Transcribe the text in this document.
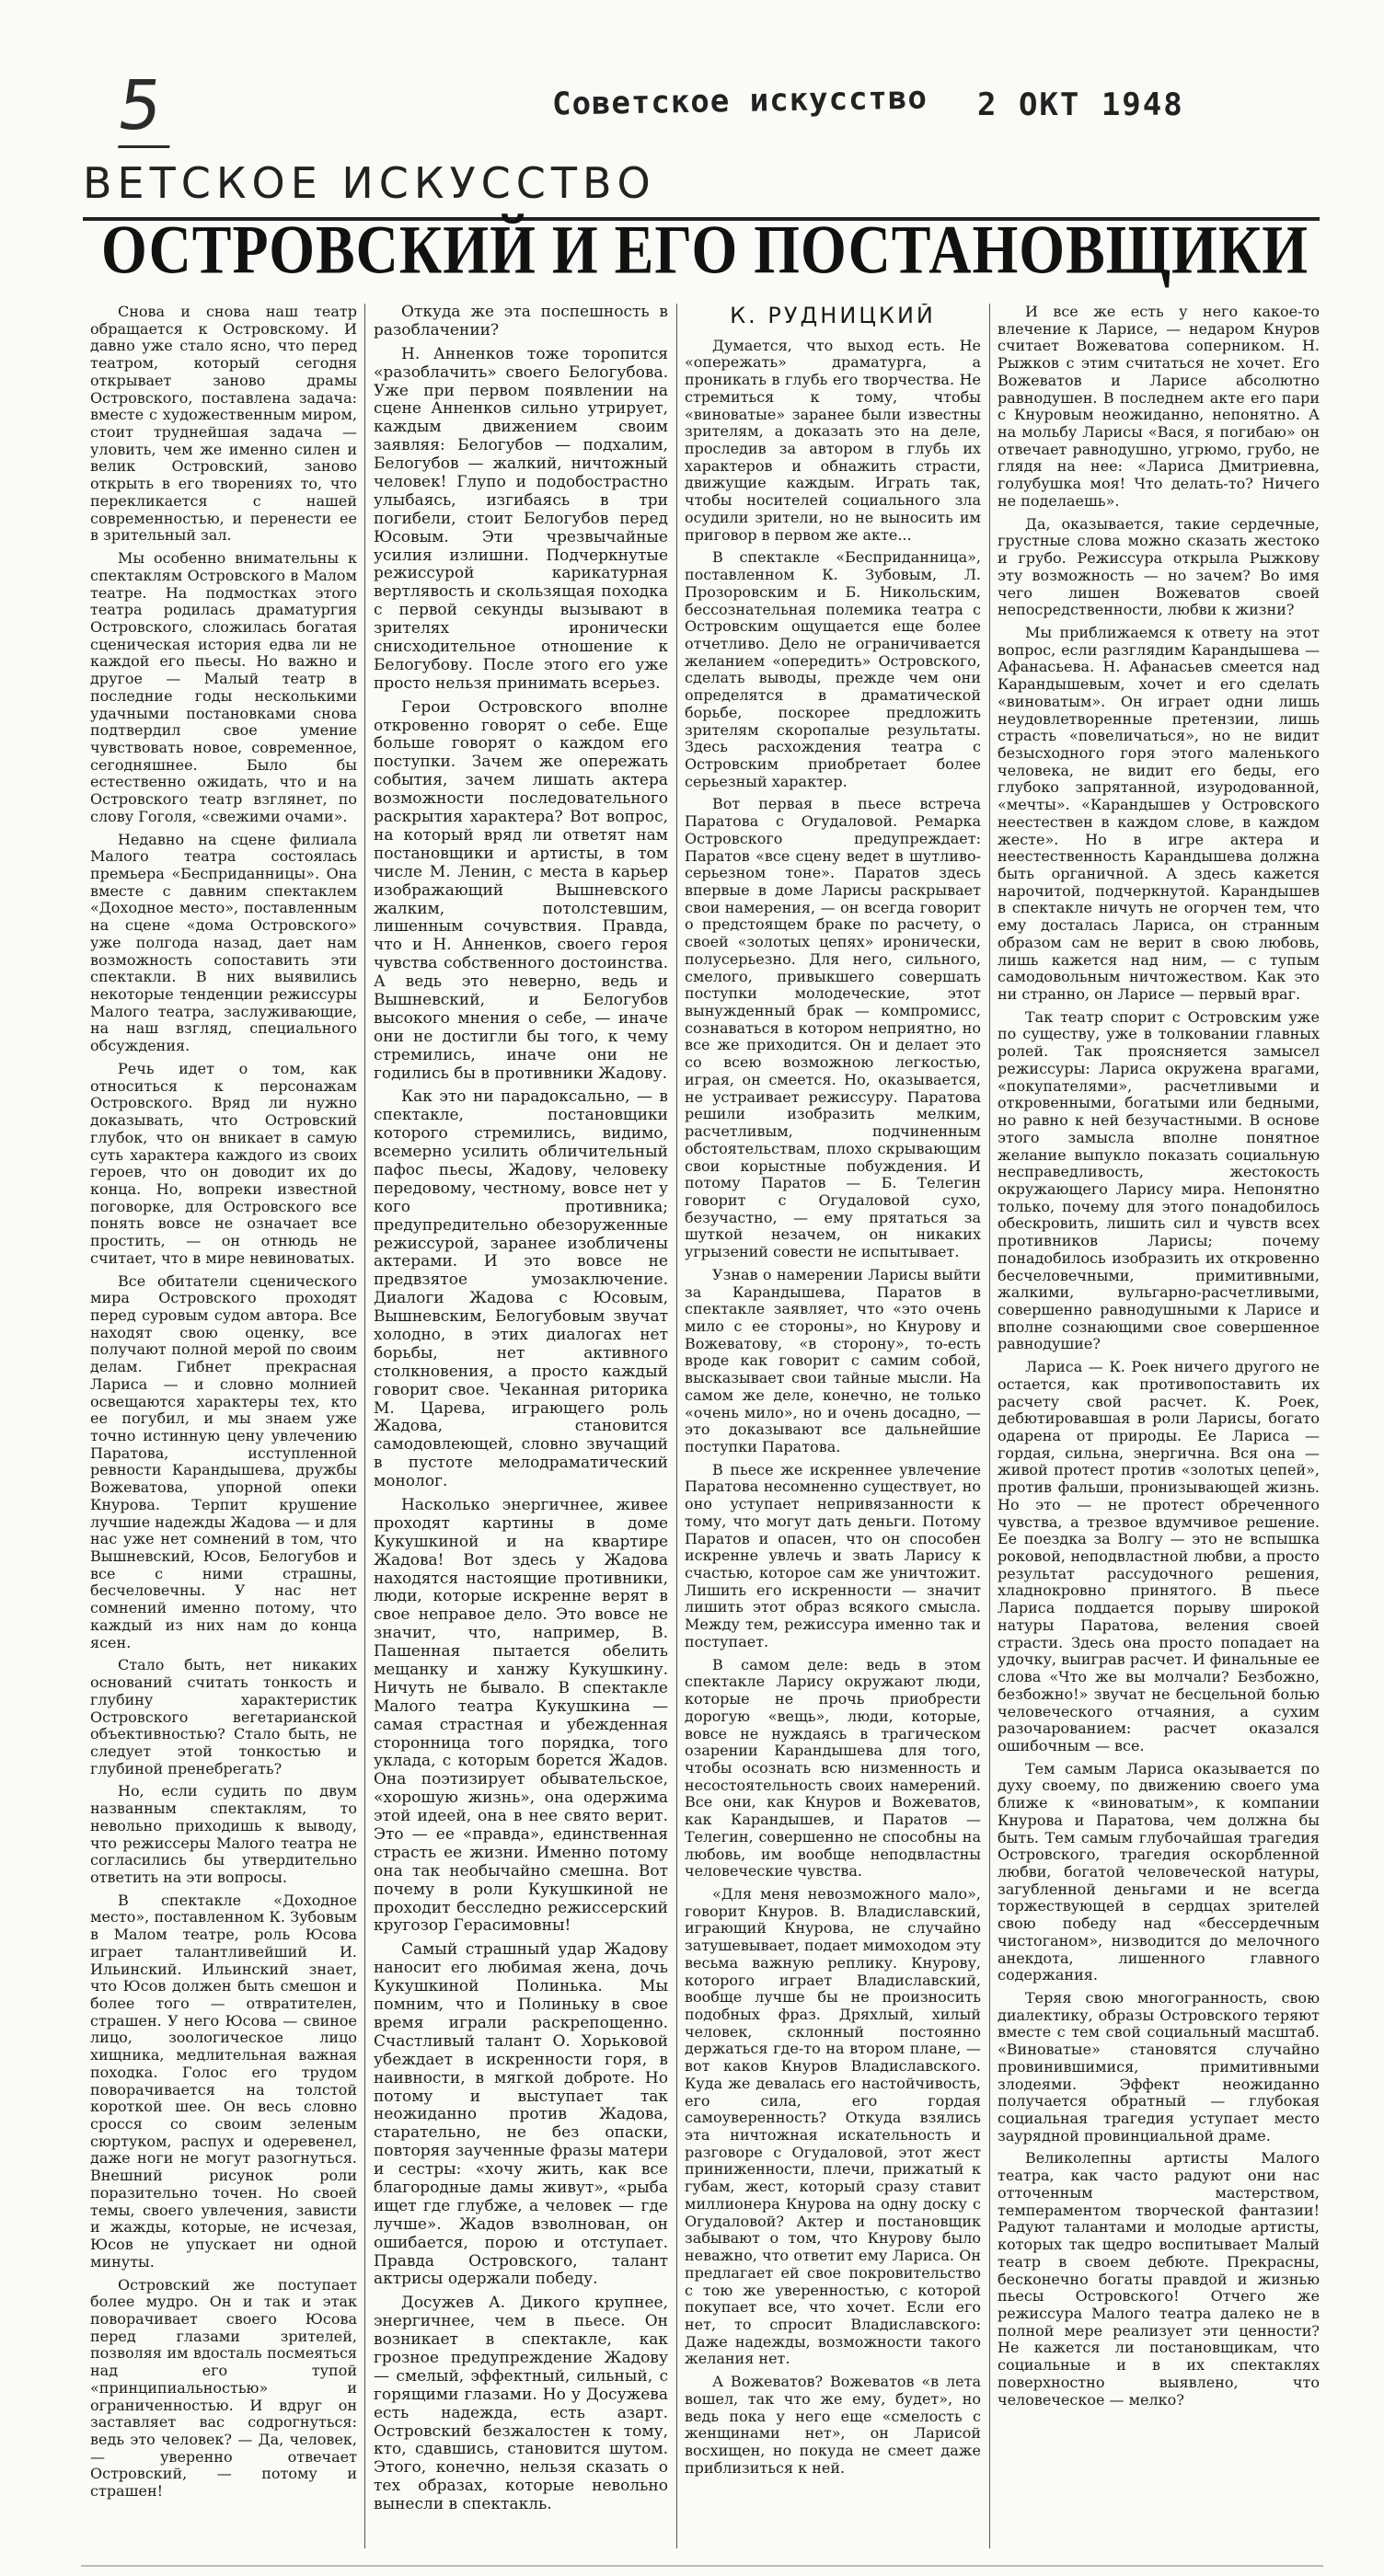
5	Советское искусство 2 ОКТ 1948
ВЕТСКОЕ ИСКУССТВО
ОСТРОВСКИЙ И ЕГО ПОСТАНОВЩИКИ

Снова и снова наш театр обращается к Островскому. И давно уже стало ясно, что перед театром, который сегодня открывает заново драмы Островского, поставлена задача: вместе с художественным миром, стоит труднейшая задача — уловить, чем же именно силен и велик Островский, заново открыть в его творениях то, что перекликается с нашей современностью, и перенести ее в зрительный зал.

Мы особенно внимательны к спектаклям Островского в Малом театре. На подмостках этого театра родилась драматургия Островского, сложилась богатая сценическая история едва ли не каждой его пьесы. Но важно и другое — Малый театр в последние годы несколькими удачными постановками снова подтвердил свое умение чувствовать новое, современное, сегодняшнее. Было бы естественно ожидать, что и на Островского театр взглянет, по слову Гоголя, «свежими очами».

Недавно на сцене филиала Малого театра состоялась премьера «Бесприданницы». Она вместе с давним спектаклем «Доходное место», поставленным на сцене «дома Островского» уже полгода назад, дает нам возможность сопоставить эти спектакли. В них выявились некоторые тенденции режиссуры Малого театра, заслуживающие, на наш взгляд, специального обсуждения.

Речь идет о том, как относиться к персонажам Островского. Вряд ли нужно доказывать, что Островский глубок, что он вникает в самую суть характера каждого из своих героев, что он доводит их до конца. Но, вопреки известной поговорке, для Островского все понять вовсе не означает все простить, — он отнюдь не считает, что в мире невиноватых.

Все обитатели сценического мира Островского проходят перед суровым судом автора. Все находят свою оценку, все получают полной мерой по своим делам. Гибнет прекрасная Лариса — и словно молнией освещаются характеры тех, кто ее погубил, и мы знаем уже точно истинную цену увлечению Паратова, исступленной ревности Карандышева, дружбы Вожеватова, упорной опеки Кнурова. Терпит крушение лучшие надежды Жадова — и для нас уже нет сомнений в том, что Вышневский, Юсов, Белогубов и все с ними страшны, бесчеловечны. У нас нет сомнений именно потому, что каждый из них нам до конца ясен.

Стало быть, нет никаких оснований считать тонкость и глубину характеристик Островского вегетарианской объективностью? Стало быть, не следует этой тонкостью и глубиной пренебрегать?

Но, если судить по двум названным спектаклям, то невольно приходишь к выводу, что режиссеры Малого театра не согласились бы утвердительно ответить на эти вопросы.

В спектакле «Доходное место», поставленном К. Зубовым в Малом театре, роль Юсова играет талантливейший И. Ильинский. Ильинский знает, что Юсов должен быть смешон и более того — отвратителен, страшен. У него Юсова — свиное лицо, зоологическое лицо хищника, медлительная важная походка. Голос его трудом поворачивается на толстой короткой шее. Он весь словно сросся со своим зеленым сюртуком, распух и одеревенел, даже ноги не могут разогнуться. Внешний рисунок роли поразительно точен. Но своей темы, своего увлечения, зависти и жажды, которые, не исчезая, Юсов не упускает ни одной минуты.

Островский же поступает более мудро. Он и так и этак поворачивает своего Юсова перед глазами зрителей, позволяя им вдосталь посмеяться над его тупой «принципиальностью» и ограниченностью. И вдруг он заставляет вас содрогнуться: ведь это человек? — Да, человек, — уверенно отвечает Островский, — потому и страшен!

Откуда же эта поспешность в разоблачении?

Н. Анненков тоже торопится «разоблачить» своего Белогубова. Уже при первом появлении на сцене Анненков сильно утрирует, каждым движением своим заявляя: Белогубов — подхалим, Белогубов — жалкий, ничтожный человек! Глупо и подобострастно улыбаясь, изгибаясь в три погибели, стоит Белогубов перед Юсовым. Эти чрезвычайные усилия излишни. Подчеркнутые режиссурой карикатурная вертлявость и скользящая походка с первой секунды вызывают в зрителях иронически снисходительное отношение к Белогубову. После этого его уже просто нельзя принимать всерьез.

Герои Островского вполне откровенно говорят о себе. Еще больше говорят о каждом его поступки. Зачем же опережать события, зачем лишать актера возможности последовательного раскрытия характера? Вот вопрос, на который вряд ли ответят нам постановщики и артисты, в том числе М. Ленин, с места в карьер изображающий Вышневского жалким, потолстевшим, лишенным сочувствия. Правда, что и Н. Анненков, своего героя чувства собственного достоинства. А ведь это неверно, ведь и Вышневский, и Белогубов высокого мнения о себе, — иначе они не достигли бы того, к чему стремились, иначе они не годились бы в противники Жадову.

Как это ни парадоксально, — в спектакле, постановщики которого стремились, видимо, всемерно усилить обличительный пафос пьесы, Жадову, человеку передовому, честному, вовсе нет у кого противника; предупредительно обезоруженные режиссурой, заранее изобличены актерами. И это вовсе не предвзятое умозаключение. Диалоги Жадова с Юсовым, Вышневским, Белогубовым звучат холодно, в этих диалогах нет борьбы, нет активного столкновения, а просто каждый говорит свое. Чеканная риторика М. Царева, играющего роль Жадова, становится самодовлеющей, словно звучащий в пустоте мелодраматический монолог.

Насколько энергичнее, живее проходят картины в доме Кукушкиной и на квартире Жадова! Вот здесь у Жадова находятся настоящие противники, люди, которые искренне верят в свое неправое дело. Это вовсе не значит, что, например, В. Пашенная пытается обелить мещанку и ханжу Кукушкину. Ничуть не бывало. В спектакле Малого театра Кукушкина — самая страстная и убежденная сторонница того порядка, того уклада, с которым борется Жадов. Она поэтизирует обывательское, «хорошую жизнь», она одержима этой идеей, она в нее свято верит. Это — ее «правда», единственная страсть ее жизни. Именно потому она так необычайно смешна. Вот почему в роли Кукушкиной не проходит бесследно режиссерский кругозор Герасимовны!

Самый страшный удар Жадову наносит его любимая жена, дочь Кукушкиной Полинька. Мы помним, что и Полиньку в свое время играли раскрепощенно. Счастливый талант О. Хорьковой убеждает в искренности горя, в наивности, в мягкой доброте. Но потому и выступает так неожиданно против Жадова, старательно, не без опаски, повторяя заученные фразы матери и сестры: «хочу жить, как все благородные дамы живут», «рыба ищет где глубже, а человек — где лучше». Жадов взволнован, он ошибается, порою и отступает. Правда Островского, талант актрисы одержали победу.

Досужев А. Дикого крупнее, энергичнее, чем в пьесе. Он возникает в спектакле, как грозное предупреждение Жадову — смелый, эффектный, сильный, с горящими глазами. Но у Досужева есть надежда, есть азарт. Островский безжалостен к тому, кто, сдавшись, становится шутом. Этого, конечно, нельзя сказать о тех образах, которые невольно вынесли в спектакль.

К. РУДНИЦКИЙ

Думается, что выход есть. Не «опережать» драматурга, а проникать в глубь его творчества. Не стремиться к тому, чтобы «виноватые» заранее были известны зрителям, а доказать это на деле, проследив за автором в глубь их характеров и обнажить страсти, движущие каждым. Играть так, чтобы носителей социального зла осудили зрители, но не выносить им приговор в первом же акте...

В спектакле «Бесприданница», поставленном К. Зубовым, Л. Прозоровским и Б. Никольским, бессознательная полемика театра с Островским ощущается еще более отчетливо. Дело не ограничивается желанием «опередить» Островского, сделать выводы, прежде чем они определятся в драматической борьбе, поскорее предложить зрителям скоропалые результаты. Здесь расхождения театра с Островским приобретает более серьезный характер.

Вот первая в пьесе встреча Паратова с Огудаловой. Ремарка Островского предупреждает: Паратов «все сцену ведет в шутливо-серьезном тоне». Паратов здесь впервые в доме Ларисы раскрывает свои намерения, — он всегда говорит о предстоящем браке по расчету, о своей «золотых цепях» иронически, полусерьезно. Для него, сильного, смелого, привыкшего совершать поступки молодеческие, этот вынужденный брак — компромисс, сознаваться в котором неприятно, но все же приходится. Он и делает это со всею возможною легкостью, играя, он смеется. Но, оказывается, не устраивает режиссуру. Паратова решили изобразить мелким, расчетливым, подчиненным обстоятельствам, плохо скрывающим свои корыстные побуждения. И потому Паратов — Б. Телегин говорит с Огудаловой сухо, безучастно, — ему прятаться за шуткой незачем, он никаких угрызений совести не испытывает.

Узнав о намерении Ларисы выйти за Карандышева, Паратов в спектакле заявляет, что «это очень мило с ее стороны», но Кнурову и Вожеватову, «в сторону», то-есть вроде как говорит с самим собой, высказывает свои тайные мысли. На самом же деле, конечно, не только «очень мило», но и очень досадно, — это доказывают все дальнейшие поступки Паратова.

В пьесе же искреннее увлечение Паратова несомненно существует, но оно уступает непривязанности к тому, что могут дать деньги. Потому Паратов и опасен, что он способен искренне увлечь и звать Ларису к счастью, которое сам же уничтожит. Лишить его искренности — значит лишить этот образ всякого смысла. Между тем, режиссура именно так и поступает.

В самом деле: ведь в этом спектакле Ларису окружают люди, которые не прочь приобрести дорогую «вещь», люди, которые, вовсе не нуждаясь в трагическом озарении Карандышева для того, чтобы осознать всю низменность и несостоятельность своих намерений. Все они, как Кнуров и Вожеватов, как Карандышев, и Паратов — Телегин, совершенно не способны на любовь, им вообще неподвластны человеческие чувства.

«Для меня невозможного мало», говорит Кнуров. В. Владиславский, играющий Кнурова, не случайно затушевывает, подает мимоходом эту весьма важную реплику. Кнурову, которого играет Владиславский, вообще лучше бы не произносить подобных фраз. Дряхлый, хилый человек, склонный постоянно держаться где-то на втором плане, — вот каков Кнуров Владиславского. Куда же девалась его настойчивость, его сила, его гордая самоуверенность? Откуда взялись эта ничтожная искательность и разговоре с Огудаловой, этот жест приниженности, плечи, прижатый к губам, жест, который сразу ставит миллионера Кнурова на одну доску с Огудаловой? Актер и постановщик забывают о том, что Кнурову было неважно, что ответит ему Лариса. Он предлагает ей свое покровительство с тою же уверенностью, с которой покупает все, что хочет. Если его нет, то спросит Владиславского: Даже надежды, возможности такого желания нет.

А Вожеватов? Вожеватов «в лета вошел, так что же ему, будет», но ведь пока у него еще «смелость с женщинами нет», он Ларисой восхищен, но покуда не смеет даже приблизиться к ней.

И все же есть у него какое-то влечение к Ларисе, — недаром Кнуров считает Вожеватова соперником. Н. Рыжков с этим считаться не хочет. Его Вожеватов и Ларисе абсолютно равнодушен. В последнем акте его пари с Кнуровым неожиданно, непонятно. А на мольбу Ларисы «Вася, я погибаю» он отвечает равнодушно, угрюмо, грубо, не глядя на нее: «Лариса Дмитриевна, голубушка моя! Что делать-то? Ничего не поделаешь».

Да, оказывается, такие сердечные, грустные слова можно сказать жестоко и грубо. Режиссура открыла Рыжкову эту возможность — но зачем? Во имя чего лишен Вожеватов своей непосредственности, любви к жизни?

Мы приближаемся к ответу на этот вопрос, если разглядим Карандышева — Афанасьева. Н. Афанасьев смеется над Карандышевым, хочет и его сделать «виноватым». Он играет одни лишь неудовлетворенные претензии, лишь страсть «повеличаться», но не видит безысходного горя этого маленького человека, не видит его беды, его глубоко запрятанной, изуродованной, «мечты». «Карандышев у Островского неестествен в каждом слове, в каждом жесте». Но в игре актера и неестественность Карандышева должна быть органичной. А здесь кажется нарочитой, подчеркнутой. Карандышев в спектакле ничуть не огорчен тем, что ему досталась Лариса, он странным образом сам не верит в свою любовь, лишь кажется над ним, — с тупым самодовольным ничтожеством. Как это ни странно, он Ларисе — первый враг.

Так театр спорит с Островским уже по существу, уже в толковании главных ролей. Так проясняется замысел режиссуры: Лариса окружена врагами, «покупателями», расчетливыми и откровенными, богатыми или бедными, но равно к ней безучастными. В основе этого замысла вполне понятное желание выпукло показать социальную несправедливость, жестокость окружающего Ларису мира. Непонятно только, почему для этого понадобилось обескровить, лишить сил и чувств всех противников Ларисы; почему понадобилось изобразить их откровенно бесчеловечными, примитивными, жалкими, вульгарно-расчетливыми, совершенно равнодушными к Ларисе и вполне сознающими свое совершенное равнодушие?

Лариса — К. Роек ничего другого не остается, как противопоставить их расчету свой расчет. К. Роек, дебютировавшая в роли Ларисы, богато одарена от природы. Ее Лариса — гордая, сильна, энергична. Вся она — живой протест против «золотых цепей», против фальши, пронизывающей жизнь. Но это — не протест обреченного чувства, а трезвое вдумчивое решение. Ее поездка за Волгу — это не вспышка роковой, неподвластной любви, а просто результат рассудочного решения, хладнокровно принятого. В пьесе Лариса поддается порыву широкой натуры Паратова, веления своей страсти. Здесь она просто попадает на удочку, выиграв расчет. И финальные ее слова «Что же вы молчали? Безбожно, безбожно!» звучат не бесцельной болью человеческого отчаяния, а сухим разочарованием: расчет оказался ошибочным — все.

Тем самым Лариса оказывается по духу своему, по движению своего ума ближе к «виноватым», к компании Кнурова и Паратова, чем должна бы быть. Тем самым глубочайшая трагедия Островского, трагедия оскорбленной любви, богатой человеческой натуры, загубленной деньгами и не всегда торжествующей в сердцах зрителей свою победу над «бессердечным чистоганом», низводится до мелочного анекдота, лишенного главного содержания.

Теряя свою многогранность, свою диалектику, образы Островского теряют вместе с тем свой социальный масштаб. «Виноватые» становятся случайно провинившимися, примитивными злодеями. Эффект неожиданно получается обратный — глубокая социальная трагедия уступает место заурядной провинциальной драме.

Великолепны артисты Малого театра, как часто радуют они нас отточенным мастерством, темпераментом творческой фантазии! Радуют талантами и молодые артисты, которых так щедро воспитывает Малый театр в своем дебюте. Прекрасны, бесконечно богаты правдой и жизнью пьесы Островского! Отчего же режиссура Малого театра далеко не в полной мере реализует эти ценности? Не кажется ли постановщикам, что социальные и в их спектаклях поверхностно выявлено, что человеческое — мелко?
